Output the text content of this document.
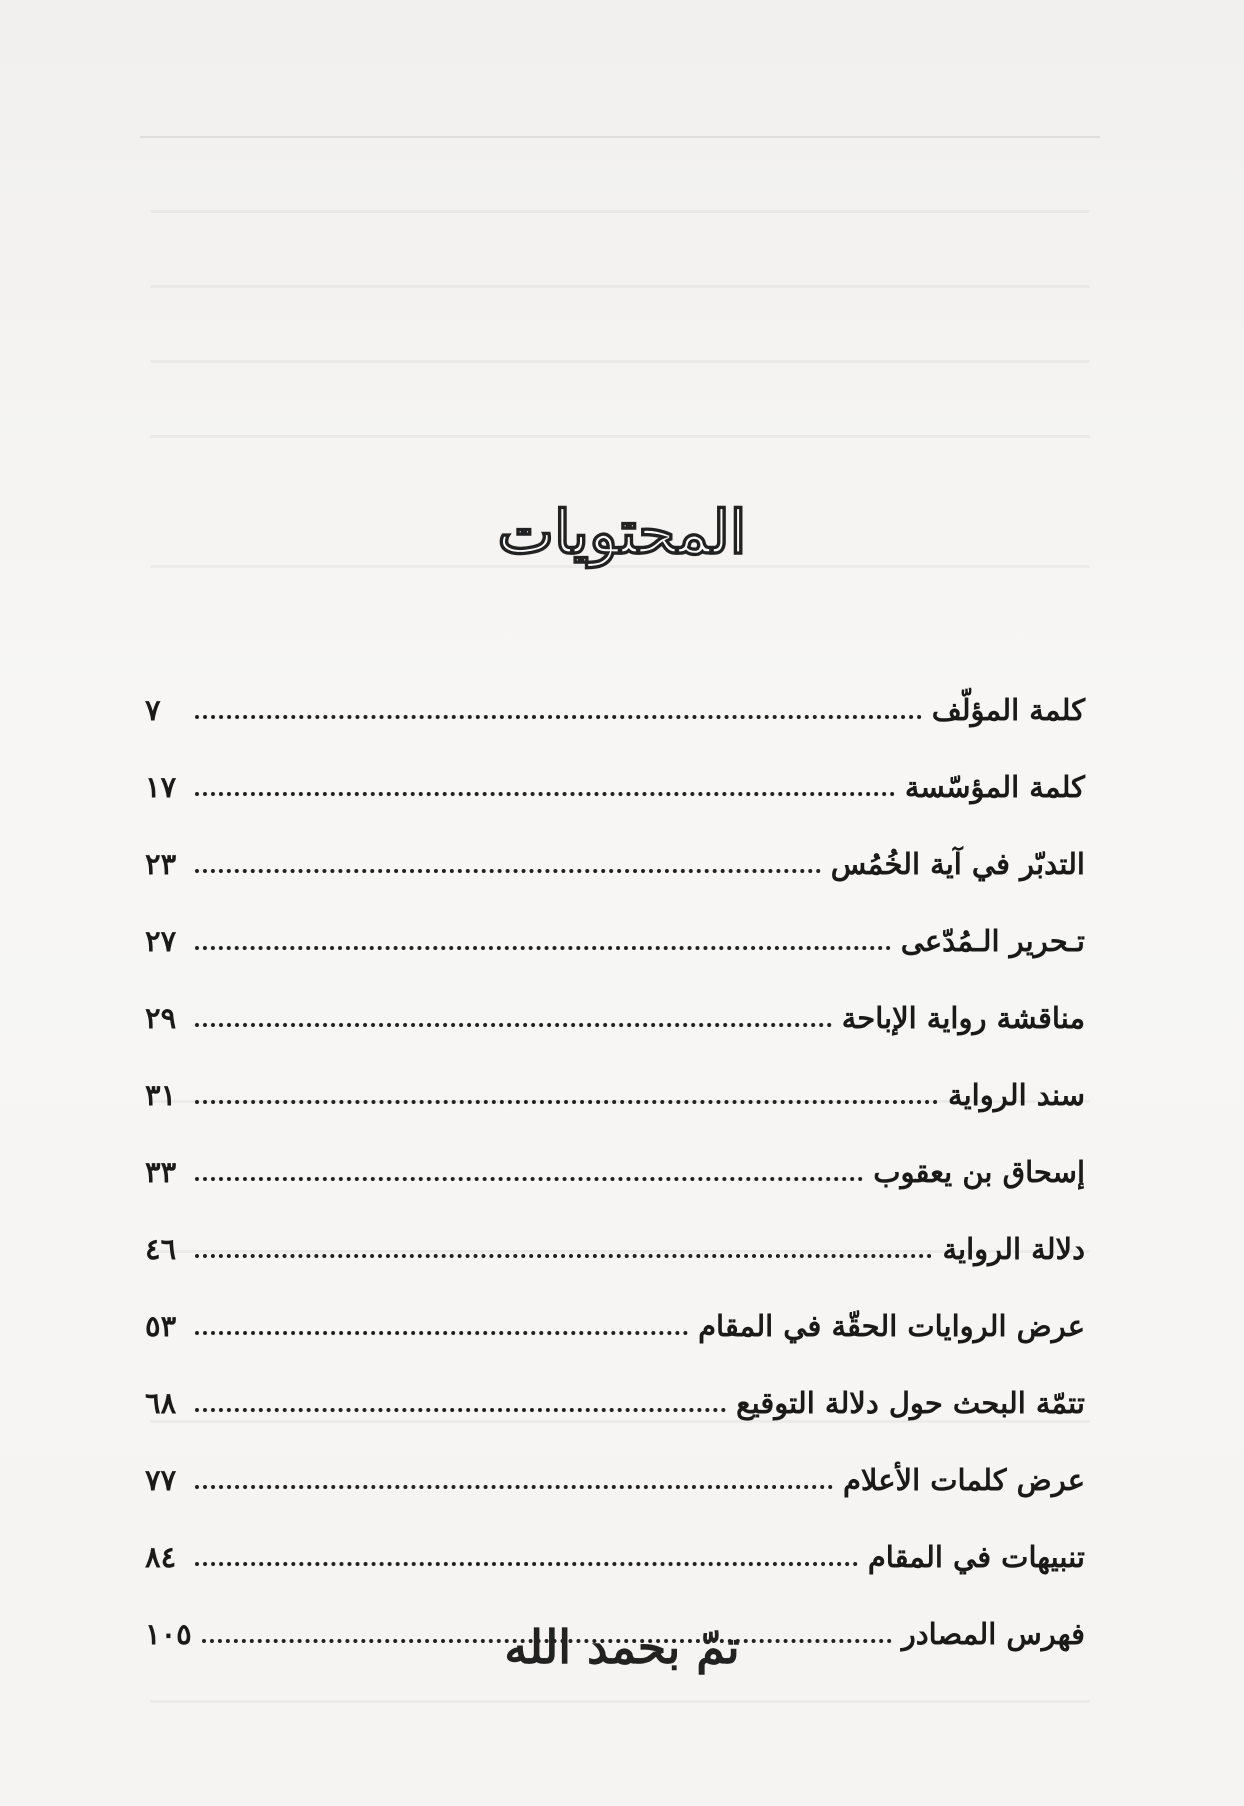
المحتويات
كلمة المؤلّف
٧
كلمة المؤسّسة
١٧
التدبّر في آية الخُمُس
٢٣
تـحرير الـمُدّعى
٢٧
مناقشة رواية الإباحة
٢٩
سند الرواية
٣١
إسحاق بن يعقوب
٣٣
دلالة الرواية
٤٦
عرض الروايات الحقّة في المقام
٥٣
تتمّة البحث حول دلالة التوقيع
٦٨
عرض كلمات الأعلام
٧٧
تنبيهات في المقام
٨٤
فهرس المصادر
١٠٥	تمّ بحمد الله
